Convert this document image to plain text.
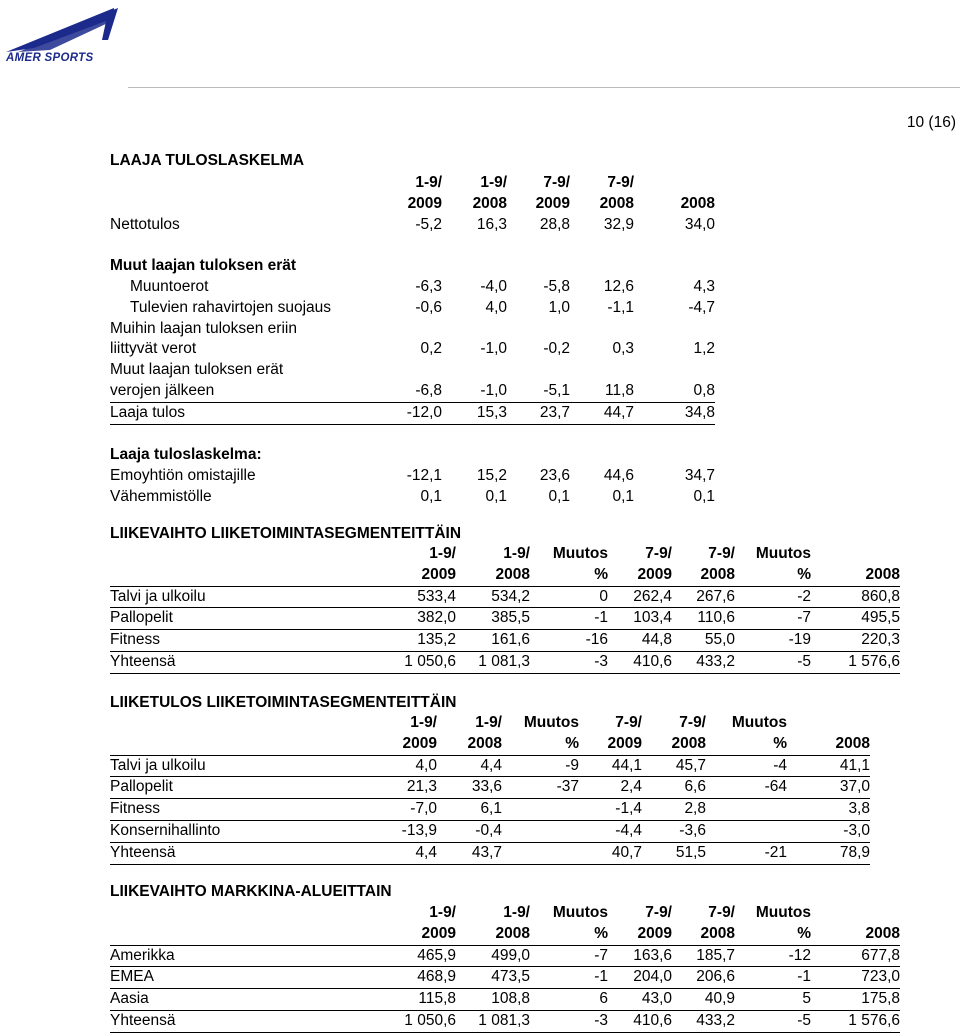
AMER SPORTS
10 (16)
LAAJA TULOSLASKELMA
	1-9/	1-9/	7-9/	7-9/	
	2009	2008	2009	2008	2008
Nettotulos	-5,2	16,3	28,8	32,9	34,0

Muut laajan tuloksen erät					
Muuntoerot	-6,3	-4,0	-5,8	12,6	4,3
Tulevien rahavirtojen suojaus	-0,6	4,0	1,0	-1,1	-4,7
Muihin laajan tuloksen eriin					
liittyvät verot	0,2	-1,0	-0,2	0,3	1,2
Muut laajan tuloksen erät					
verojen jälkeen	-6,8	-1,0	-5,1	11,8	0,8
Laaja tulos	-12,0	15,3	23,7	44,7	34,8

Laaja tuloslaskelma:					
Emoyhtiön omistajille	-12,1	15,2	23,6	44,6	34,7
Vähemmistölle	0,1	0,1	0,1	0,1	0,1
LIIKEVAIHTO LIIKETOIMINTASEGMENTEITTÄIN
	1-9/	1-9/	Muutos	7-9/	7-9/	Muutos	
	2009	2008	%	2009	2008	%	2008
Talvi ja ulkoilu	533,4	534,2	0	262,4	267,6	-2	860,8
Pallopelit	382,0	385,5	-1	103,4	110,6	-7	495,5
Fitness	135,2	161,6	-16	44,8	55,0	-19	220,3
Yhteensä	1 050,6	1 081,3	-3	410,6	433,2	-5	1 576,6
LIIKETULOS LIIKETOIMINTASEGMENTEITTÄIN
	1-9/	1-9/	Muutos	7-9/	7-9/	Muutos	
	2009	2008	%	2009	2008	%	2008
Talvi ja ulkoilu	4,0	4,4	-9	44,1	45,7	-4	41,1
Pallopelit	21,3	33,6	-37	2,4	6,6	-64	37,0
Fitness	-7,0	6,1		-1,4	2,8		3,8
Konsernihallinto	-13,9	-0,4		-4,4	-3,6		-3,0
Yhteensä	4,4	43,7		40,7	51,5	-21	78,9
LIIKEVAIHTO MARKKINA-ALUEITTAIN
	1-9/	1-9/	Muutos	7-9/	7-9/	Muutos	
	2009	2008	%	2009	2008	%	2008
Amerikka	465,9	499,0	-7	163,6	185,7	-12	677,8
EMEA	468,9	473,5	-1	204,0	206,6	-1	723,0
Aasia	115,8	108,8	6	43,0	40,9	5	175,8
Yhteensä	1 050,6	1 081,3	-3	410,6	433,2	-5	1 576,6
